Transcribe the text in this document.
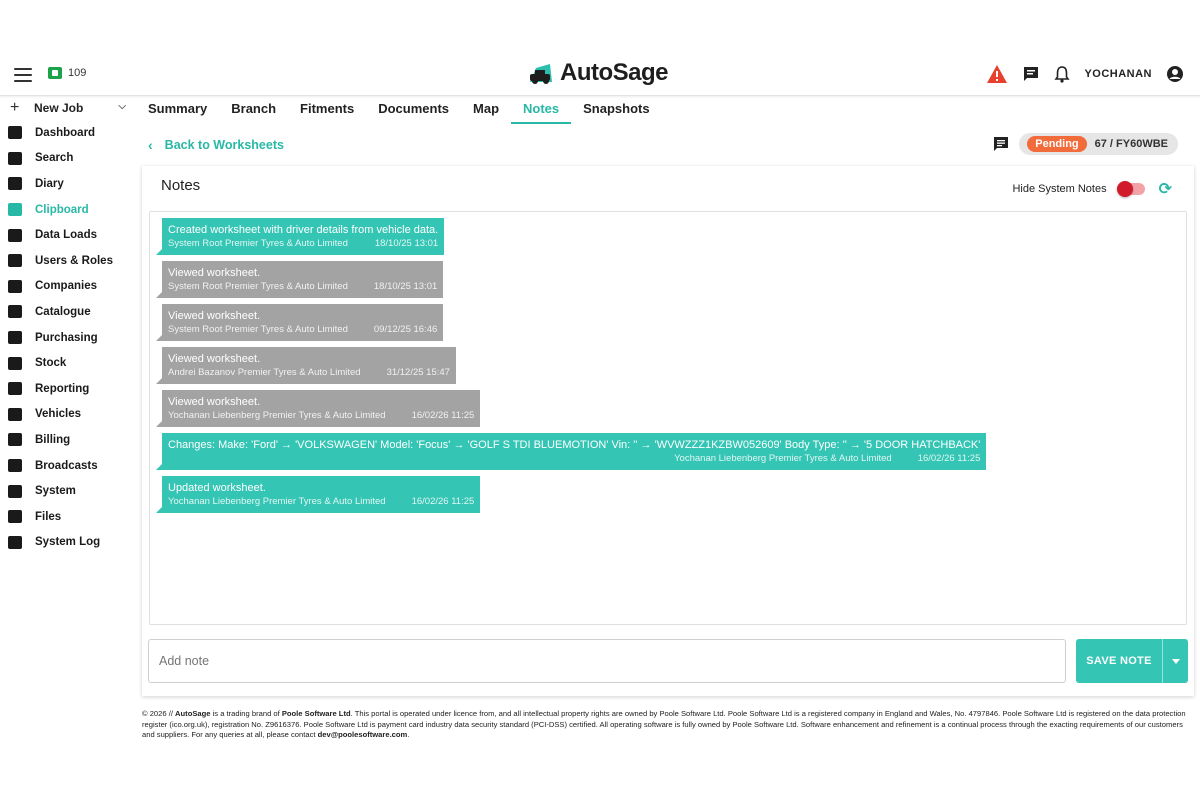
109	AutoSage	YOCHANAN
+	New Job	⌵
Dashboard
Search
Diary
Clipboard
Data Loads
Users & Roles
Companies
Catalogue
Purchasing
Stock
Reporting
Vehicles
Billing
Broadcasts
System
Files
System Log
Summary	Branch	Fitments	Documents	Map	Notes	Snapshots
‹ Back to Worksheets	Pending	67 / FY60WBE
Notes	Hide System Notes	⟳
Created worksheet with driver details from vehicle data.
System Root Premier Tyres & Auto Limited	18/10/25 13:01
Viewed worksheet.
System Root Premier Tyres & Auto Limited	18/10/25 13:01
Viewed worksheet.
System Root Premier Tyres & Auto Limited	09/12/25 16:46
Viewed worksheet.
Andrei Bazanov Premier Tyres & Auto Limited	31/12/25 15:47
Viewed worksheet.
Yochanan Liebenberg Premier Tyres & Auto Limited	16/02/26 11:25
Changes: Make: 'Ford' → 'VOLKSWAGEN' Model: 'Focus' → 'GOLF S TDI BLUEMOTION' Vin: '' → 'WVWZZZ1KZBW052609' Body Type: '' → '5 DOOR HATCHBACK'
Yochanan Liebenberg Premier Tyres & Auto Limited	16/02/26 11:25
Updated worksheet.
Yochanan Liebenberg Premier Tyres & Auto Limited	16/02/26 11:25
Add note
SAVE NOTE
© 2026 // AutoSage is a trading brand of Poole Software Ltd. This portal is operated under licence from, and all intellectual property rights are owned by Poole Software Ltd. Poole Software Ltd is a registered company in England and Wales, No. 4797846. Poole Software Ltd is registered on the data protection register (ico.org.uk), registration No. Z9616376. Poole Software Ltd is payment card industry data security standard (PCI-DSS) certified. All operating software is fully owned by Poole Software Ltd. Software enhancement and refinement is a continual process through the exacting requirements of our customers and suppliers. For any queries at all, please contact dev@poolesoftware.com.
